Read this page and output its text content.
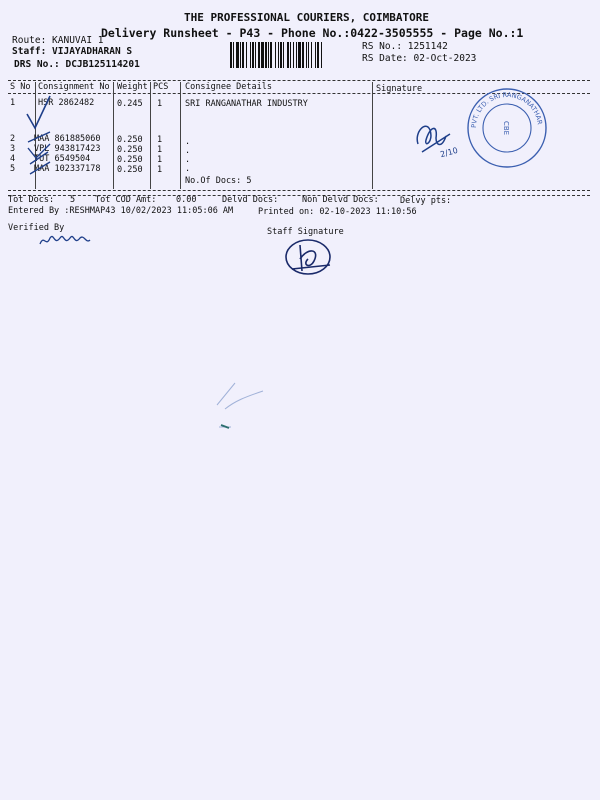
THE PROFESSIONAL COURIERS, COIMBATORE
Delivery Runsheet - P43 - Phone No.:0422-3505555 - Page No.:1
Route: KANUVAI 1
Staff: VIJAYADHARAN S
DRS No.: DCJB125114201
RS No.: 1251142
RS Date: 02-Oct-2023
S No Consignment No Weight PCS Consignee Details	Signature
1	HSR 2862482	0.245 1	SRI RANGANATHAR INDUSTRY
2 MAA 861885060 0.250 1	.
3 VPL 943817423 0.250 1	.
4 TUT 6549504	0.250 1	.
5 MAA 102337178 0.250 1	.
No.Of Docs: 5
Tot Docs: 5 Tot COD Amt: 0.00	Delvd Docs:	Non Delvd Docs: Delvy pts:
Entered By :RESHMAP43 10/02/2023 11:05:06 AM	Printed on: 02-10-2023 11:10:56
Verified By	Staff Signature
2/10
PVT. LTD. SRI RANGANATHAR
CBE
